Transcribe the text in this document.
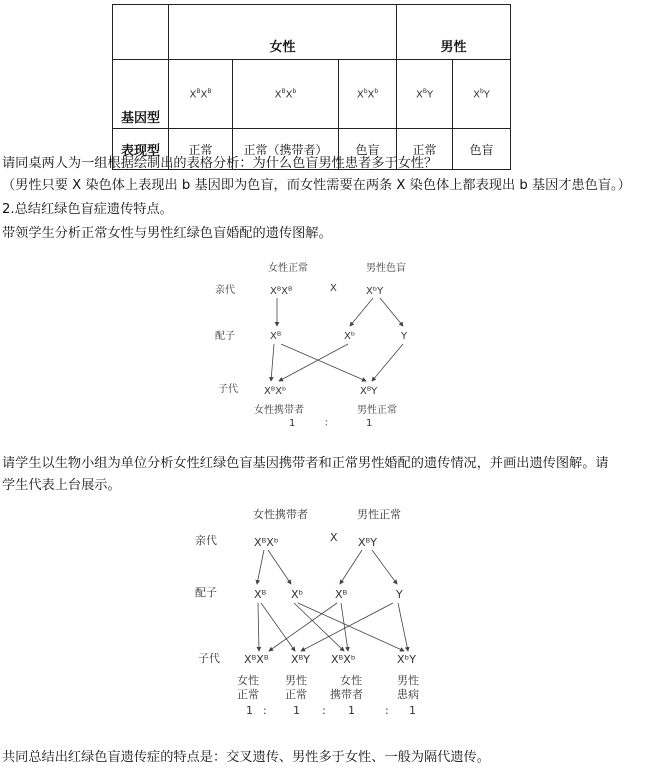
	女性			男性	
基因型	$X^BX^B$	$X^BX^b$	$X^bX^b$	$X^BY$	$X^bY$
表现型	正常	正常（携带者）	色盲	正常	色盲
请同桌两人为一组根据绘制出的表格分析：为什么色盲男性患者多于女性？
（男性只要 X 染色体上表现出 b 基因即为色盲，而女性需要在两条 X 染色体上都表现出 b 基因才患色盲。）
2.总结红绿色盲症遗传特点。
带领学生分析正常女性与男性红绿色盲婚配的遗传图解。
女性正常	男性色盲
亲代	X
XᴮXᴮ	XᵇY
配子	Xᴮ	Xᵇ	Y
子代	XᴮXᵇ	XᴮY
女性携带者	男性正常
1	：	1
请学生以生物小组为单位分析女性红绿色盲基因携带者和正常男性婚配的遗传情况，并画出遗传图解。请
学生代表上台展示。
女性携带者	男性正常
亲代	X
XᴮXᵇ	XᴮY
配子	Xᴮ Xᵇ	Xᴮ	Y
子代 XᴮXᴮ XᴮY XᴮXᵇ	XᵇY
女性 男性	女性	男性
正常 正常 携带者	患病
1 : 1 : 1	: 1
共同总结出红绿色盲遗传症的特点是：交叉遗传、男性多于女性、一般为隔代遗传。
